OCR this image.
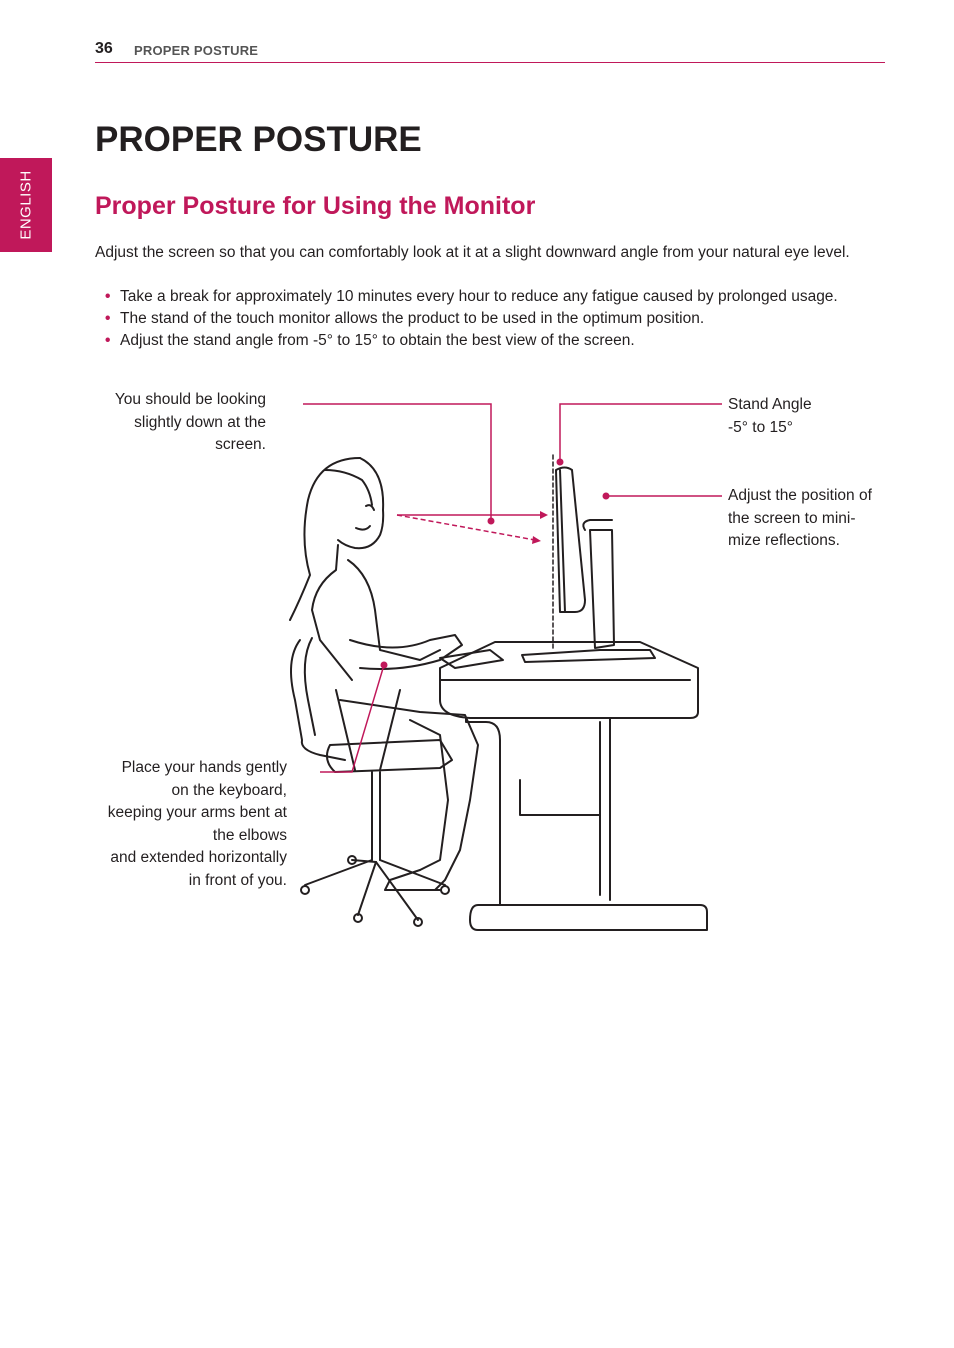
36 PROPER POSTURE
ENGLISH
PROPER POSTURE
Proper Posture for Using the Monitor

Adjust the screen so that you can comfortably look at it at a slight downward angle from your natural eye level.

• Take a break for approximately 10 minutes every hour to reduce any fatigue caused by prolonged usage.
• The stand of the touch monitor allows the product to be used in the optimum position.
• Adjust the stand angle from -5° to 15° to obtain the best view of the screen.
You should be looking
slightly down at the
screen.
Stand Angle
-5° to 15°
Adjust the position of
the screen to mini-
mize reflections.
Place your hands gently
on the keyboard,
keeping your arms bent at
the elbows
and extended horizontally
in front of you.
